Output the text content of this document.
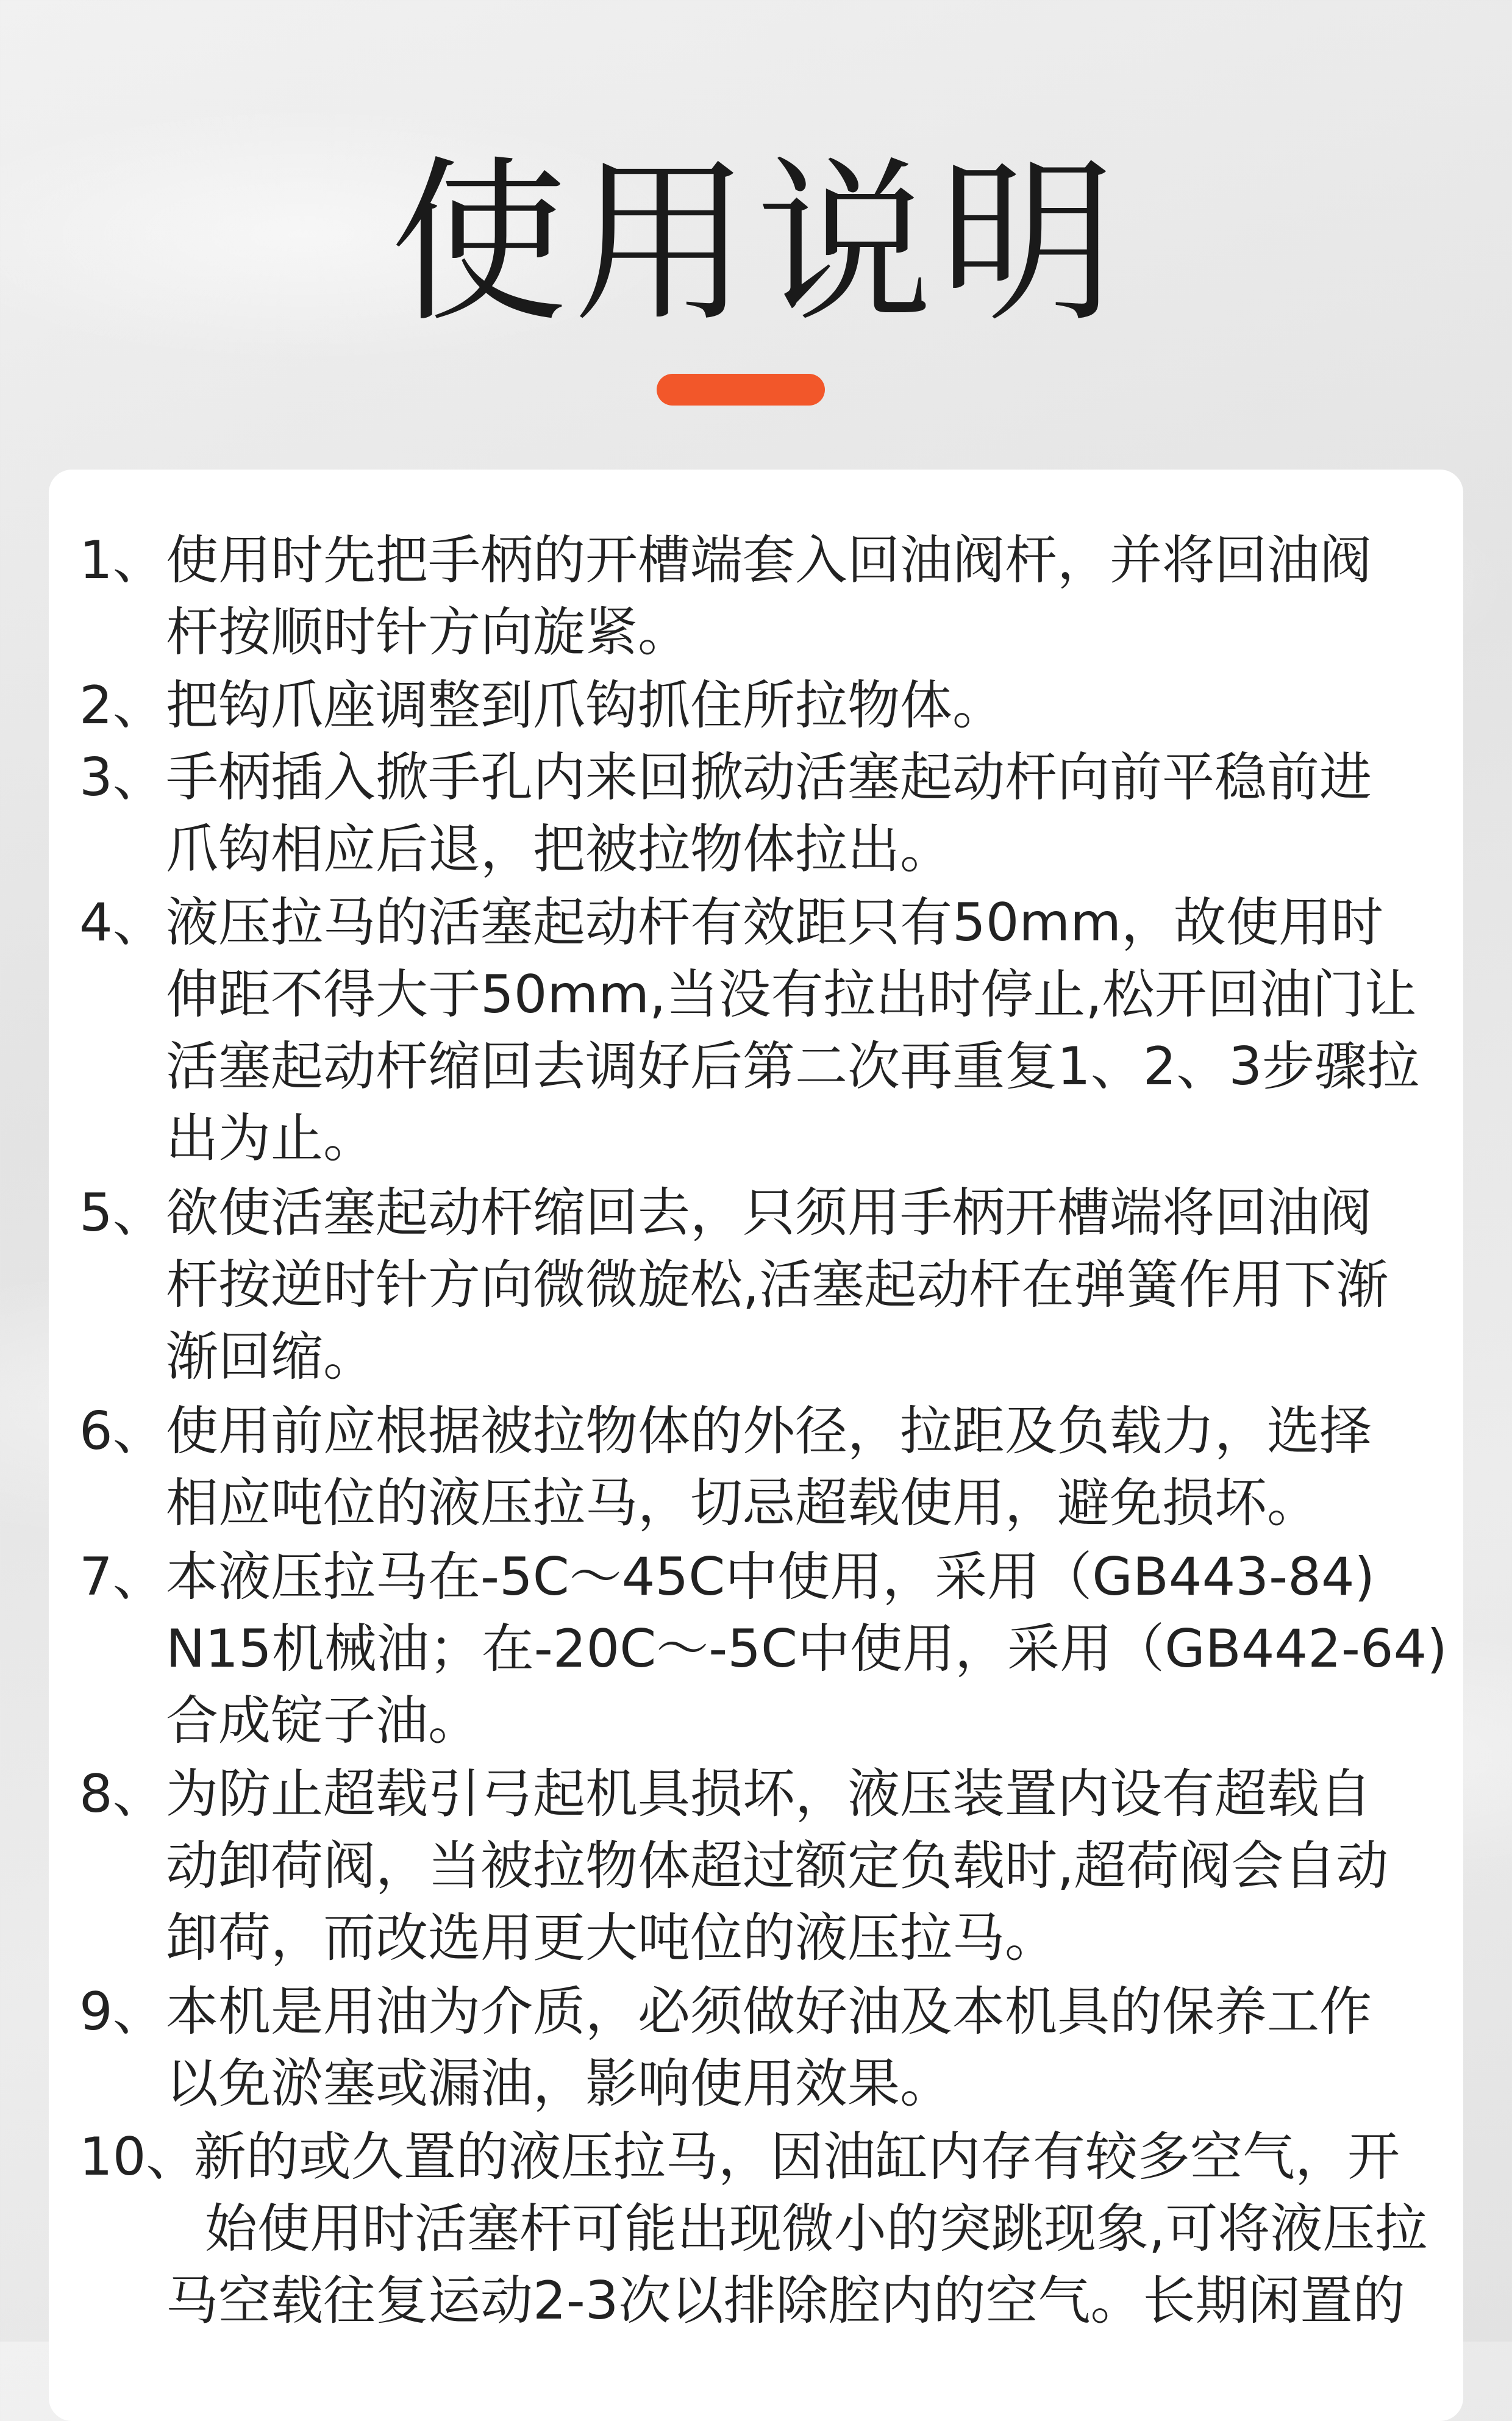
使用说明
1、 使用时先把手柄的开槽端套入回油阀杆，并将回油阀
杆按顺时针方向旋紧。
2、 把钩爪座调整到爪钩抓住所拉物体。
3、 手柄插入掀手孔内来回掀动活塞起动杆向前平稳前进
爪钩相应后退，把被拉物体拉出。
4、 液压拉马的活塞起动杆有效距只有50mm，故使用时
伸距不得大于50mm,当没有拉出时停止,松开回油门让
活塞起动杆缩回去调好后第二次再重复1、2、3步骤拉
出为止。
5、 欲使活塞起动杆缩回去，只须用手柄开槽端将回油阀
杆按逆时针方向微微旋松,活塞起动杆在弹簧作用下渐
渐回缩。
6、 使用前应根据被拉物体的外径，拉距及负载力，选择
相应吨位的液压拉马，切忌超载使用，避免损坏。
7、 本液压拉马在-5C～45C中使用，采用（GB443-84)
N15机械油；在-20C～-5C中使用，采用（GB442-64)
合成锭子油。
8、 为防止超载引弓起机具损坏，液压装置内设有超载自
动卸荷阀，当被拉物体超过额定负载时,超荷阀会自动
卸荷，而改选用更大吨位的液压拉马。
9、 本机是用油为介质，必须做好油及本机具的保养工作
以免淤塞或漏油，影响使用效果。
10、
新的或久置的液压拉马，因油缸内存有较多空气，开
始使用时活塞杆可能出现微小的突跳现象,可将液压拉
马空载往复运动2-3次以排除腔内的空气。长期闲置的
